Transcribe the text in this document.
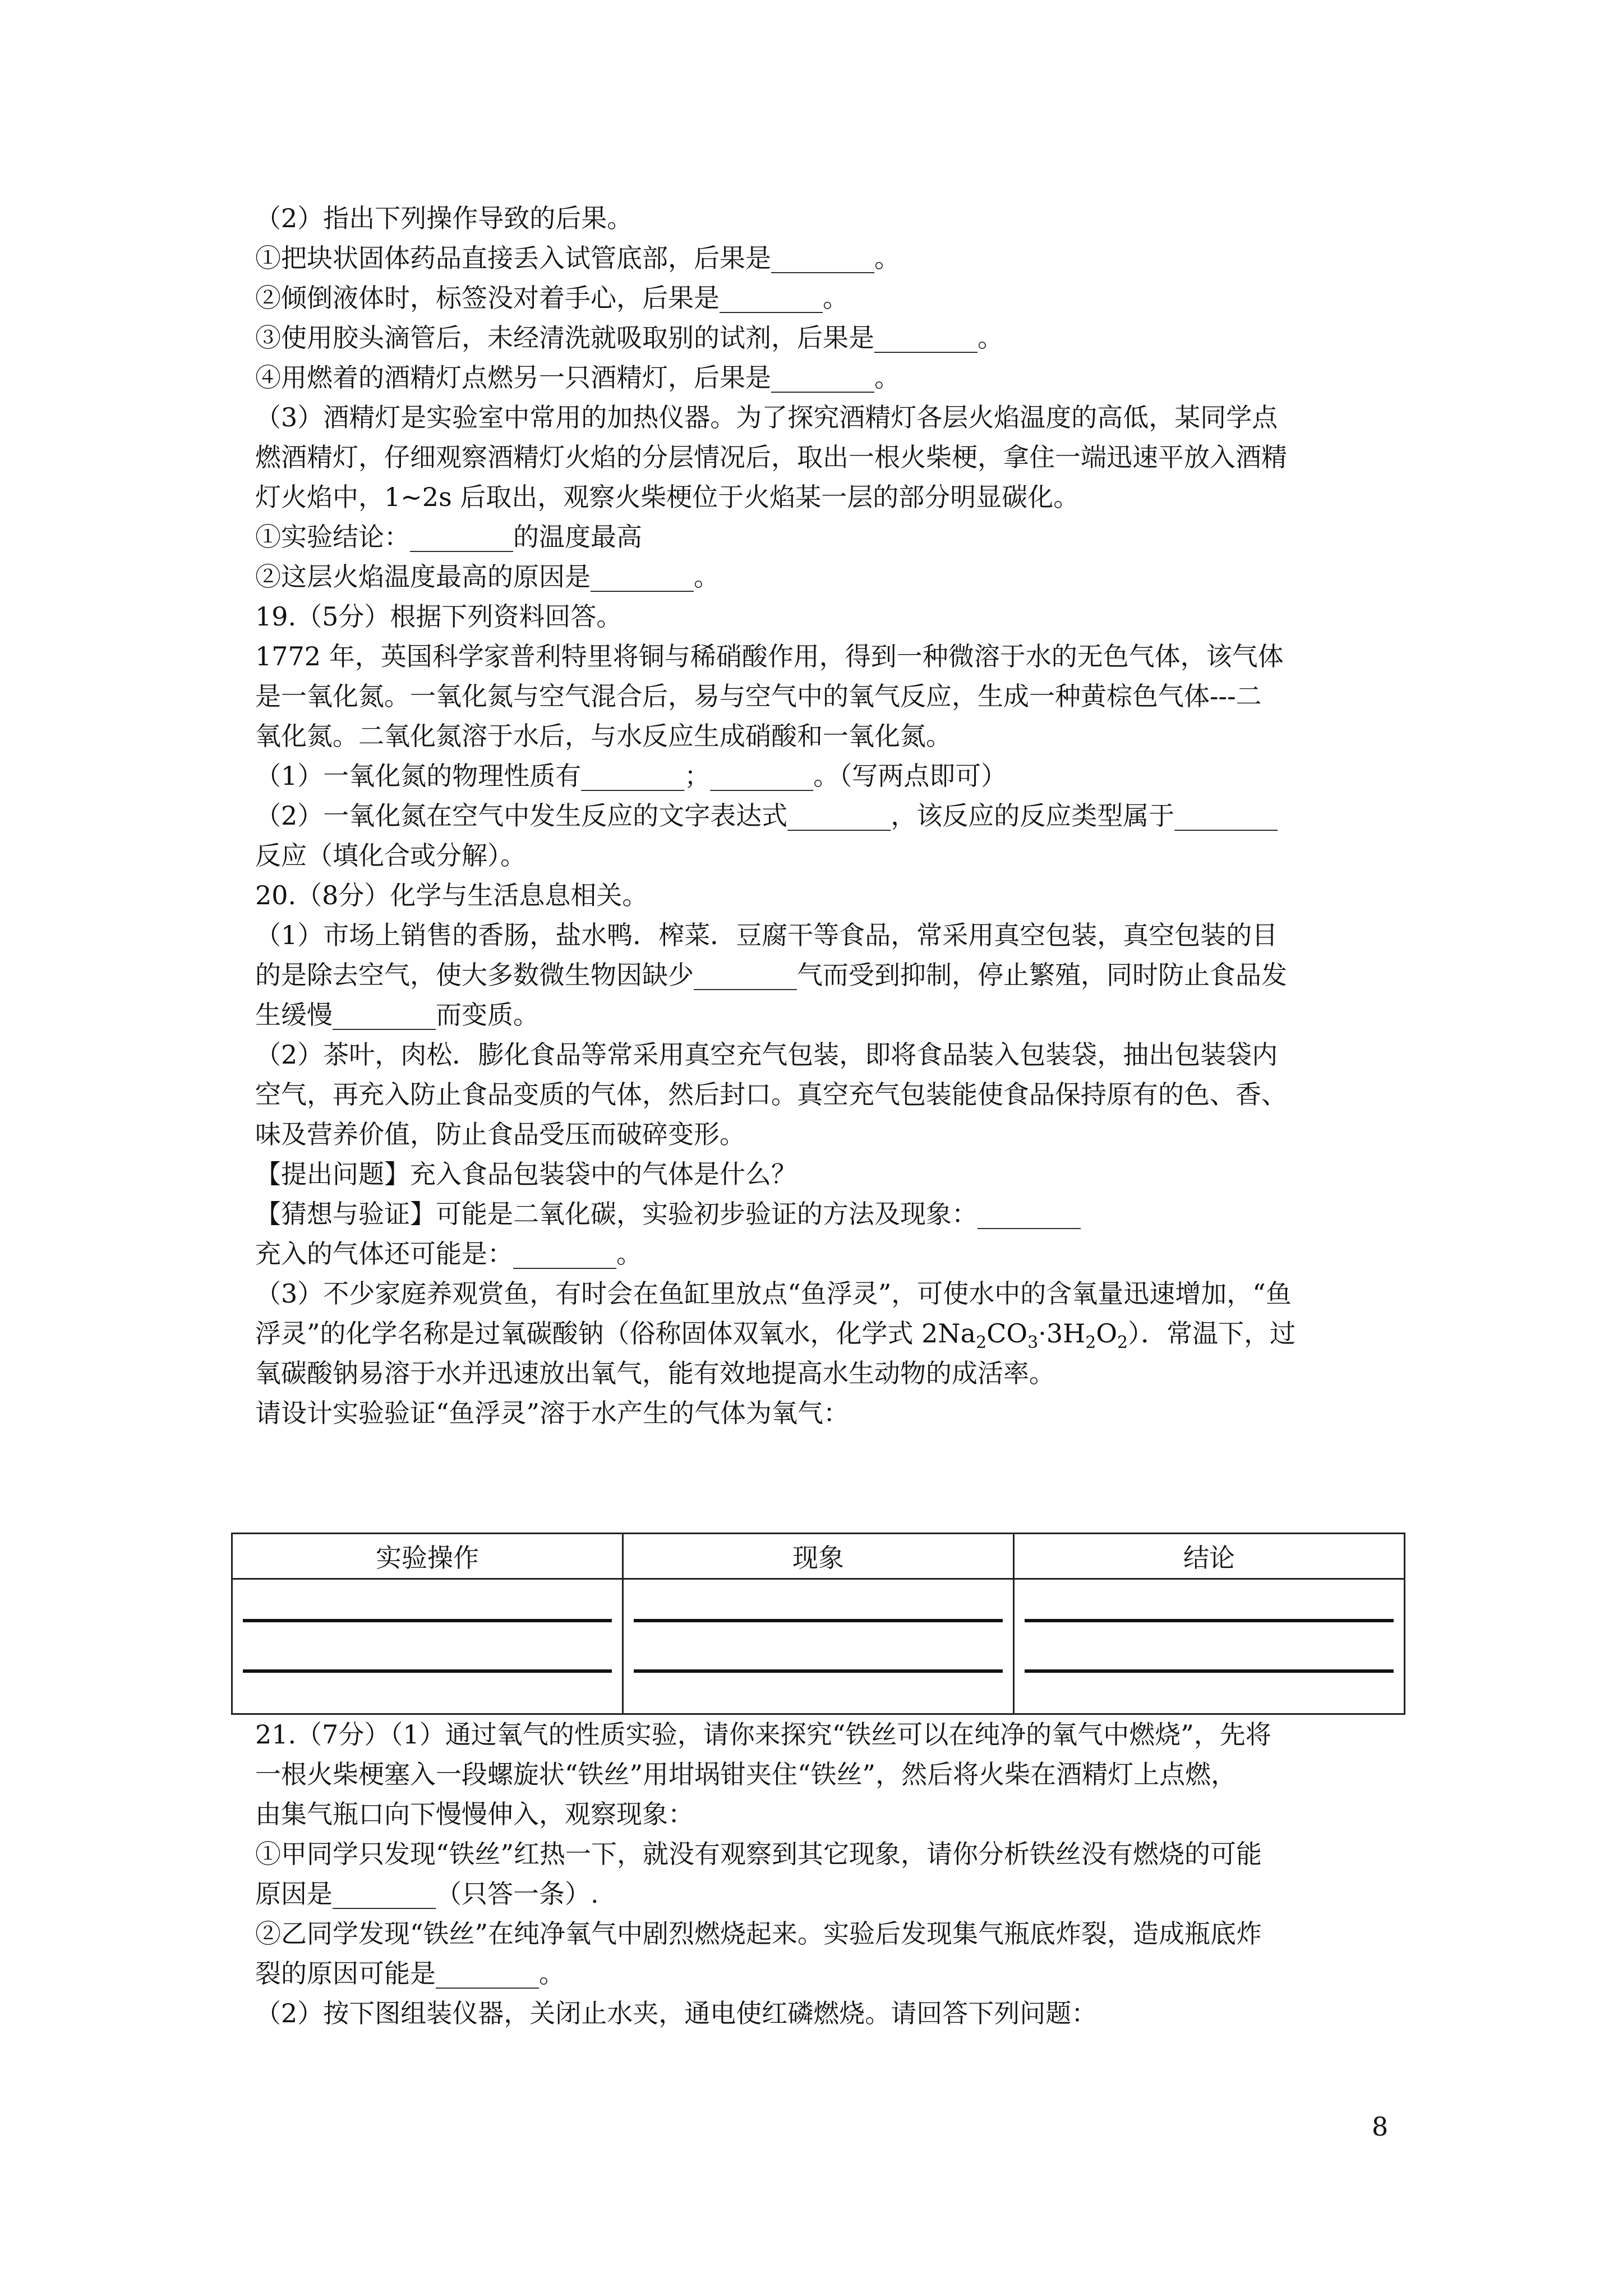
（2）指出下列操作导致的后果。
①把块状固体药品直接丢入试管底部，后果是________。
②倾倒液体时，标签没对着手心，后果是________。
③使用胶头滴管后，未经清洗就吸取别的试剂，后果是________。
④用燃着的酒精灯点燃另一只酒精灯，后果是________。
（3）酒精灯是实验室中常用的加热仪器。为了探究酒精灯各层火焰温度的高低，某同学点
燃酒精灯，仔细观察酒精灯火焰的分层情况后，取出一根火柴梗，拿住一端迅速平放入酒精
灯火焰中，1~2s 后取出，观察火柴梗位于火焰某一层的部分明显碳化。
①实验结论：________的温度最高
②这层火焰温度最高的原因是________。
19.（5分）根据下列资料回答。
1772 年，英国科学家普利特里将铜与稀硝酸作用，得到一种微溶于水的无色气体，该气体
是一氧化氮。一氧化氮与空气混合后，易与空气中的氧气反应，生成一种黄棕色气体---二
氧化氮。二氧化氮溶于水后，与水反应生成硝酸和一氧化氮。
（1）一氧化氮的物理性质有________；________。（写两点即可）
（2）一氧化氮在空气中发生反应的文字表达式________，该反应的反应类型属于________
反应（填化合或分解）。
20.（8分）化学与生活息息相关。
（1）市场上销售的香肠，盐水鸭．榨菜．豆腐干等食品，常采用真空包装，真空包装的目
的是除去空气，使大多数微生物因缺少________气而受到抑制，停止繁殖，同时防止食品发
生缓慢________而变质。
（2）茶叶，肉松．膨化食品等常采用真空充气包装，即将食品装入包装袋，抽出包装袋内
空气，再充入防止食品变质的气体，然后封口。真空充气包装能使食品保持原有的色、香、
味及营养价值，防止食品受压而破碎变形。
【提出问题】充入食品包装袋中的气体是什么？
【猜想与验证】可能是二氧化碳，实验初步验证的方法及现象：________
充入的气体还可能是：________。
（3）不少家庭养观赏鱼，有时会在鱼缸里放点“鱼浮灵”，可使水中的含氧量迅速增加，“鱼
浮灵”的化学名称是过氧碳酸钠（俗称固体双氧水，化学式 $2Na_2CO_3\cdot 3H_2O_2$）．常温下，过
氧碳酸钠易溶于水并迅速放出氧气，能有效地提高水生动物的成活率。
请设计实验验证“鱼浮灵”溶于水产生的气体为氧气：
实验操作	现象	结论

21.（7分）（1）通过氧气的性质实验，请你来探究“铁丝可以在纯净的氧气中燃烧”，先将
一根火柴梗塞入一段螺旋状“铁丝”用坩埚钳夹住“铁丝”，然后将火柴在酒精灯上点燃，
由集气瓶口向下慢慢伸入，观察现象：
①甲同学只发现“铁丝”红热一下，就没有观察到其它现象，请你分析铁丝没有燃烧的可能
原因是________（只答一条）.
②乙同学发现“铁丝”在纯净氧气中剧烈燃烧起来。实验后发现集气瓶底炸裂，造成瓶底炸
裂的原因可能是________。
（2）按下图组装仪器，关闭止水夹，通电使红磷燃烧。请回答下列问题：
8
